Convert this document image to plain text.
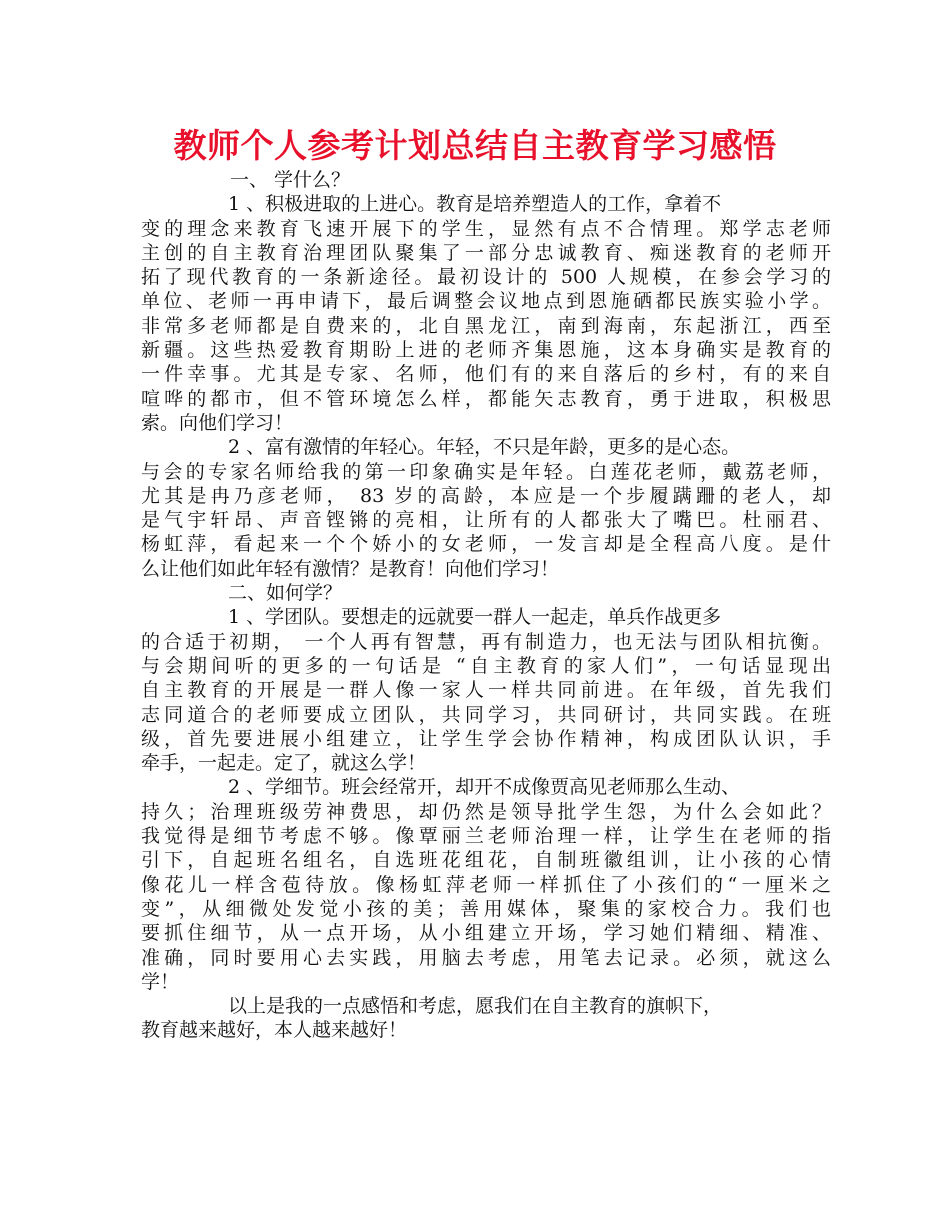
教师个人参考计划总结自主教育学习感悟
一、 学什么？
1 、积极进取的上进心。教育是培养塑造人的工作，拿着不
变的理念来教育飞速开展下的学生，显然有点不合情理。郑学志老师
主创的自主教育治理团队聚集了一部分忠诚教育、痴迷教育的老师开
拓了现代教育的一条新途径。最初设计的 500 人规模，在参会学习的
单位、老师一再申请下，最后调整会议地点到恩施硒都民族实验小学。
非常多老师都是自费来的，北自黑龙江，南到海南，东起浙江，西至
新疆。这些热爱教育期盼上进的老师齐集恩施，这本身确实是教育的
一件幸事。尤其是专家、名师，他们有的来自落后的乡村，有的来自
喧哗的都市，但不管环境怎么样，都能矢志教育，勇于进取，积极思
索。向他们学习！
2 、富有激情的年轻心。年轻，不只是年龄，更多的是心态。
与会的专家名师给我的第一印象确实是年轻。白莲花老师，戴荔老师，
尤其是冉乃彦老师， 83 岁的高龄，本应是一个步履蹒跚的老人，却
是气宇轩昂、声音铿锵的亮相，让所有的人都张大了嘴巴。杜丽君、
杨虹萍，看起来一个个娇小的女老师，一发言却是全程高八度。是什
么让他们如此年轻有激情？是教育！向他们学习！
二、如何学？
1 、学团队。要想走的远就要一群人一起走，单兵作战更多
的合适于初期， 一个人再有智慧，再有制造力，也无法与团队相抗衡。
与会期间听的更多的一句话是 “自主教育的家人们”，一句话显现出
自主教育的开展是一群人像一家人一样共同前进。在年级，首先我们
志同道合的老师要成立团队，共同学习，共同研讨，共同实践。在班
级，首先要进展小组建立，让学生学会协作精神，构成团队认识，手
牵手，一起走。定了，就这么学！
2 、学细节。班会经常开，却开不成像贾高见老师那么生动、
持久；治理班级劳神费思，却仍然是领导批学生怨，为什么会如此？
我觉得是细节考虑不够。像覃丽兰老师治理一样，让学生在老师的指
引下，自起班名组名，自选班花组花，自制班徽组训，让小孩的心情
像花儿一样含苞待放。像杨虹萍老师一样抓住了小孩们的“一厘米之
变”，从细微处发觉小孩的美；善用媒体，聚集的家校合力。我们也
要抓住细节，从一点开场，从小组建立开场，学习她们精细、精准、
准确，同时要用心去实践，用脑去考虑，用笔去记录。必须，就这么
学！
以上是我的一点感悟和考虑，愿我们在自主教育的旗帜下，
教育越来越好，本人越来越好！
